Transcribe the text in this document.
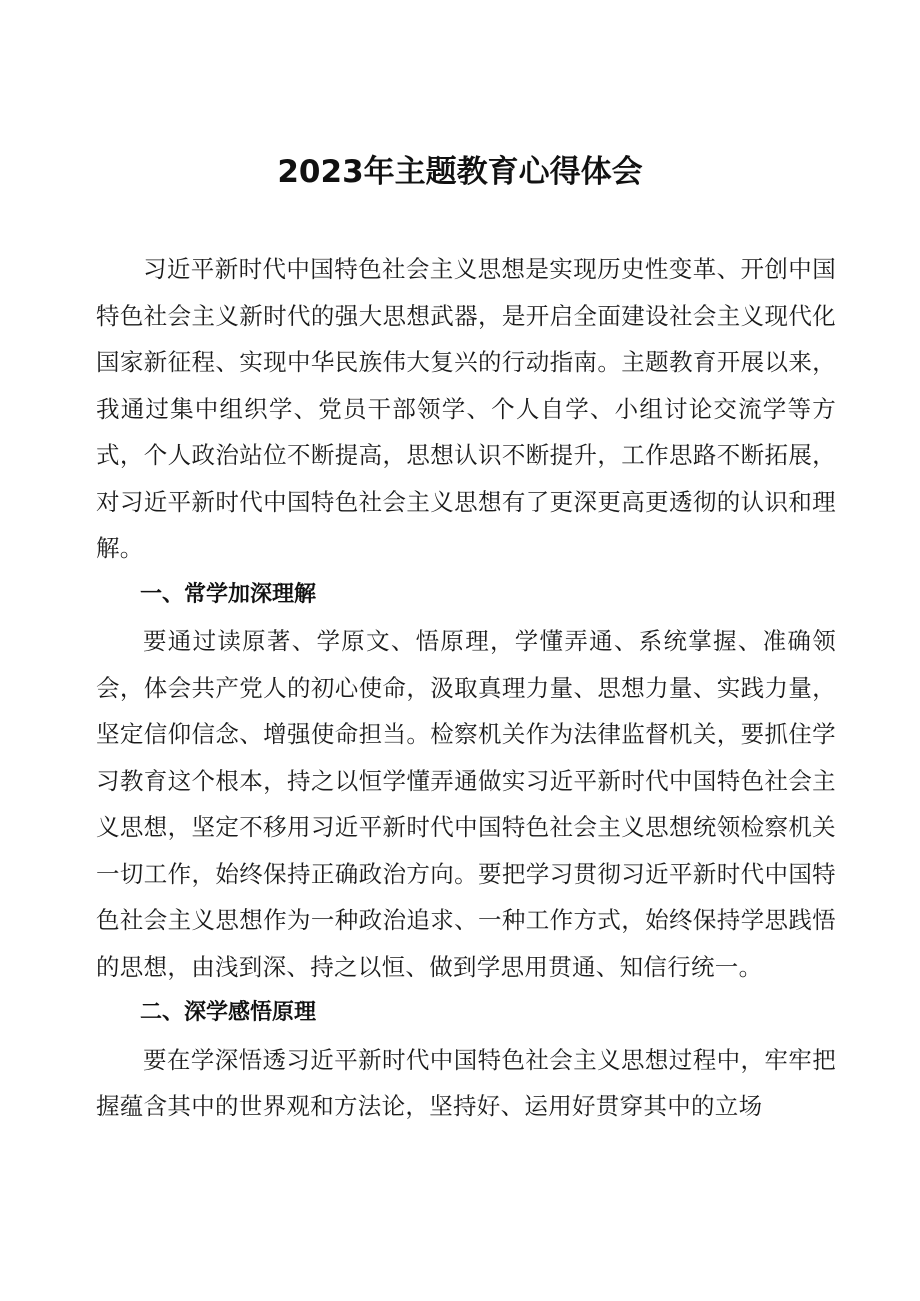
2023年主题教育心得体会

习近平新时代中国特色社会主义思想是实现历史性变革、开创中国特色社会主义新时代的强大思想武器，是开启全面建设社会主义现代化国家新征程、实现中华民族伟大复兴的行动指南。主题教育开展以来，我通过集中组织学、党员干部领学、个人自学、小组讨论交流学等方式，个人政治站位不断提高，思想认识不断提升，工作思路不断拓展，对习近平新时代中国特色社会主义思想有了更深更高更透彻的认识和理解。

一、常学加深理解

要通过读原著、学原文、悟原理，学懂弄通、系统掌握、准确领会，体会共产党人的初心使命，汲取真理力量、思想力量、实践力量，坚定信仰信念、增强使命担当。检察机关作为法律监督机关，要抓住学习教育这个根本，持之以恒学懂弄通做实习近平新时代中国特色社会主义思想，坚定不移用习近平新时代中国特色社会主义思想统领检察机关一切工作，始终保持正确政治方向。要把学习贯彻习近平新时代中国特色社会主义思想作为一种政治追求、一种工作方式，始终保持学思践悟的思想，由浅到深、持之以恒、做到学思用贯通、知信行统一。

二、深学感悟原理

要在学深悟透习近平新时代中国特色社会主义思想过程中，牢牢把握蕴含其中的世界观和方法论，坚持好、运用好贯穿其中的立场
